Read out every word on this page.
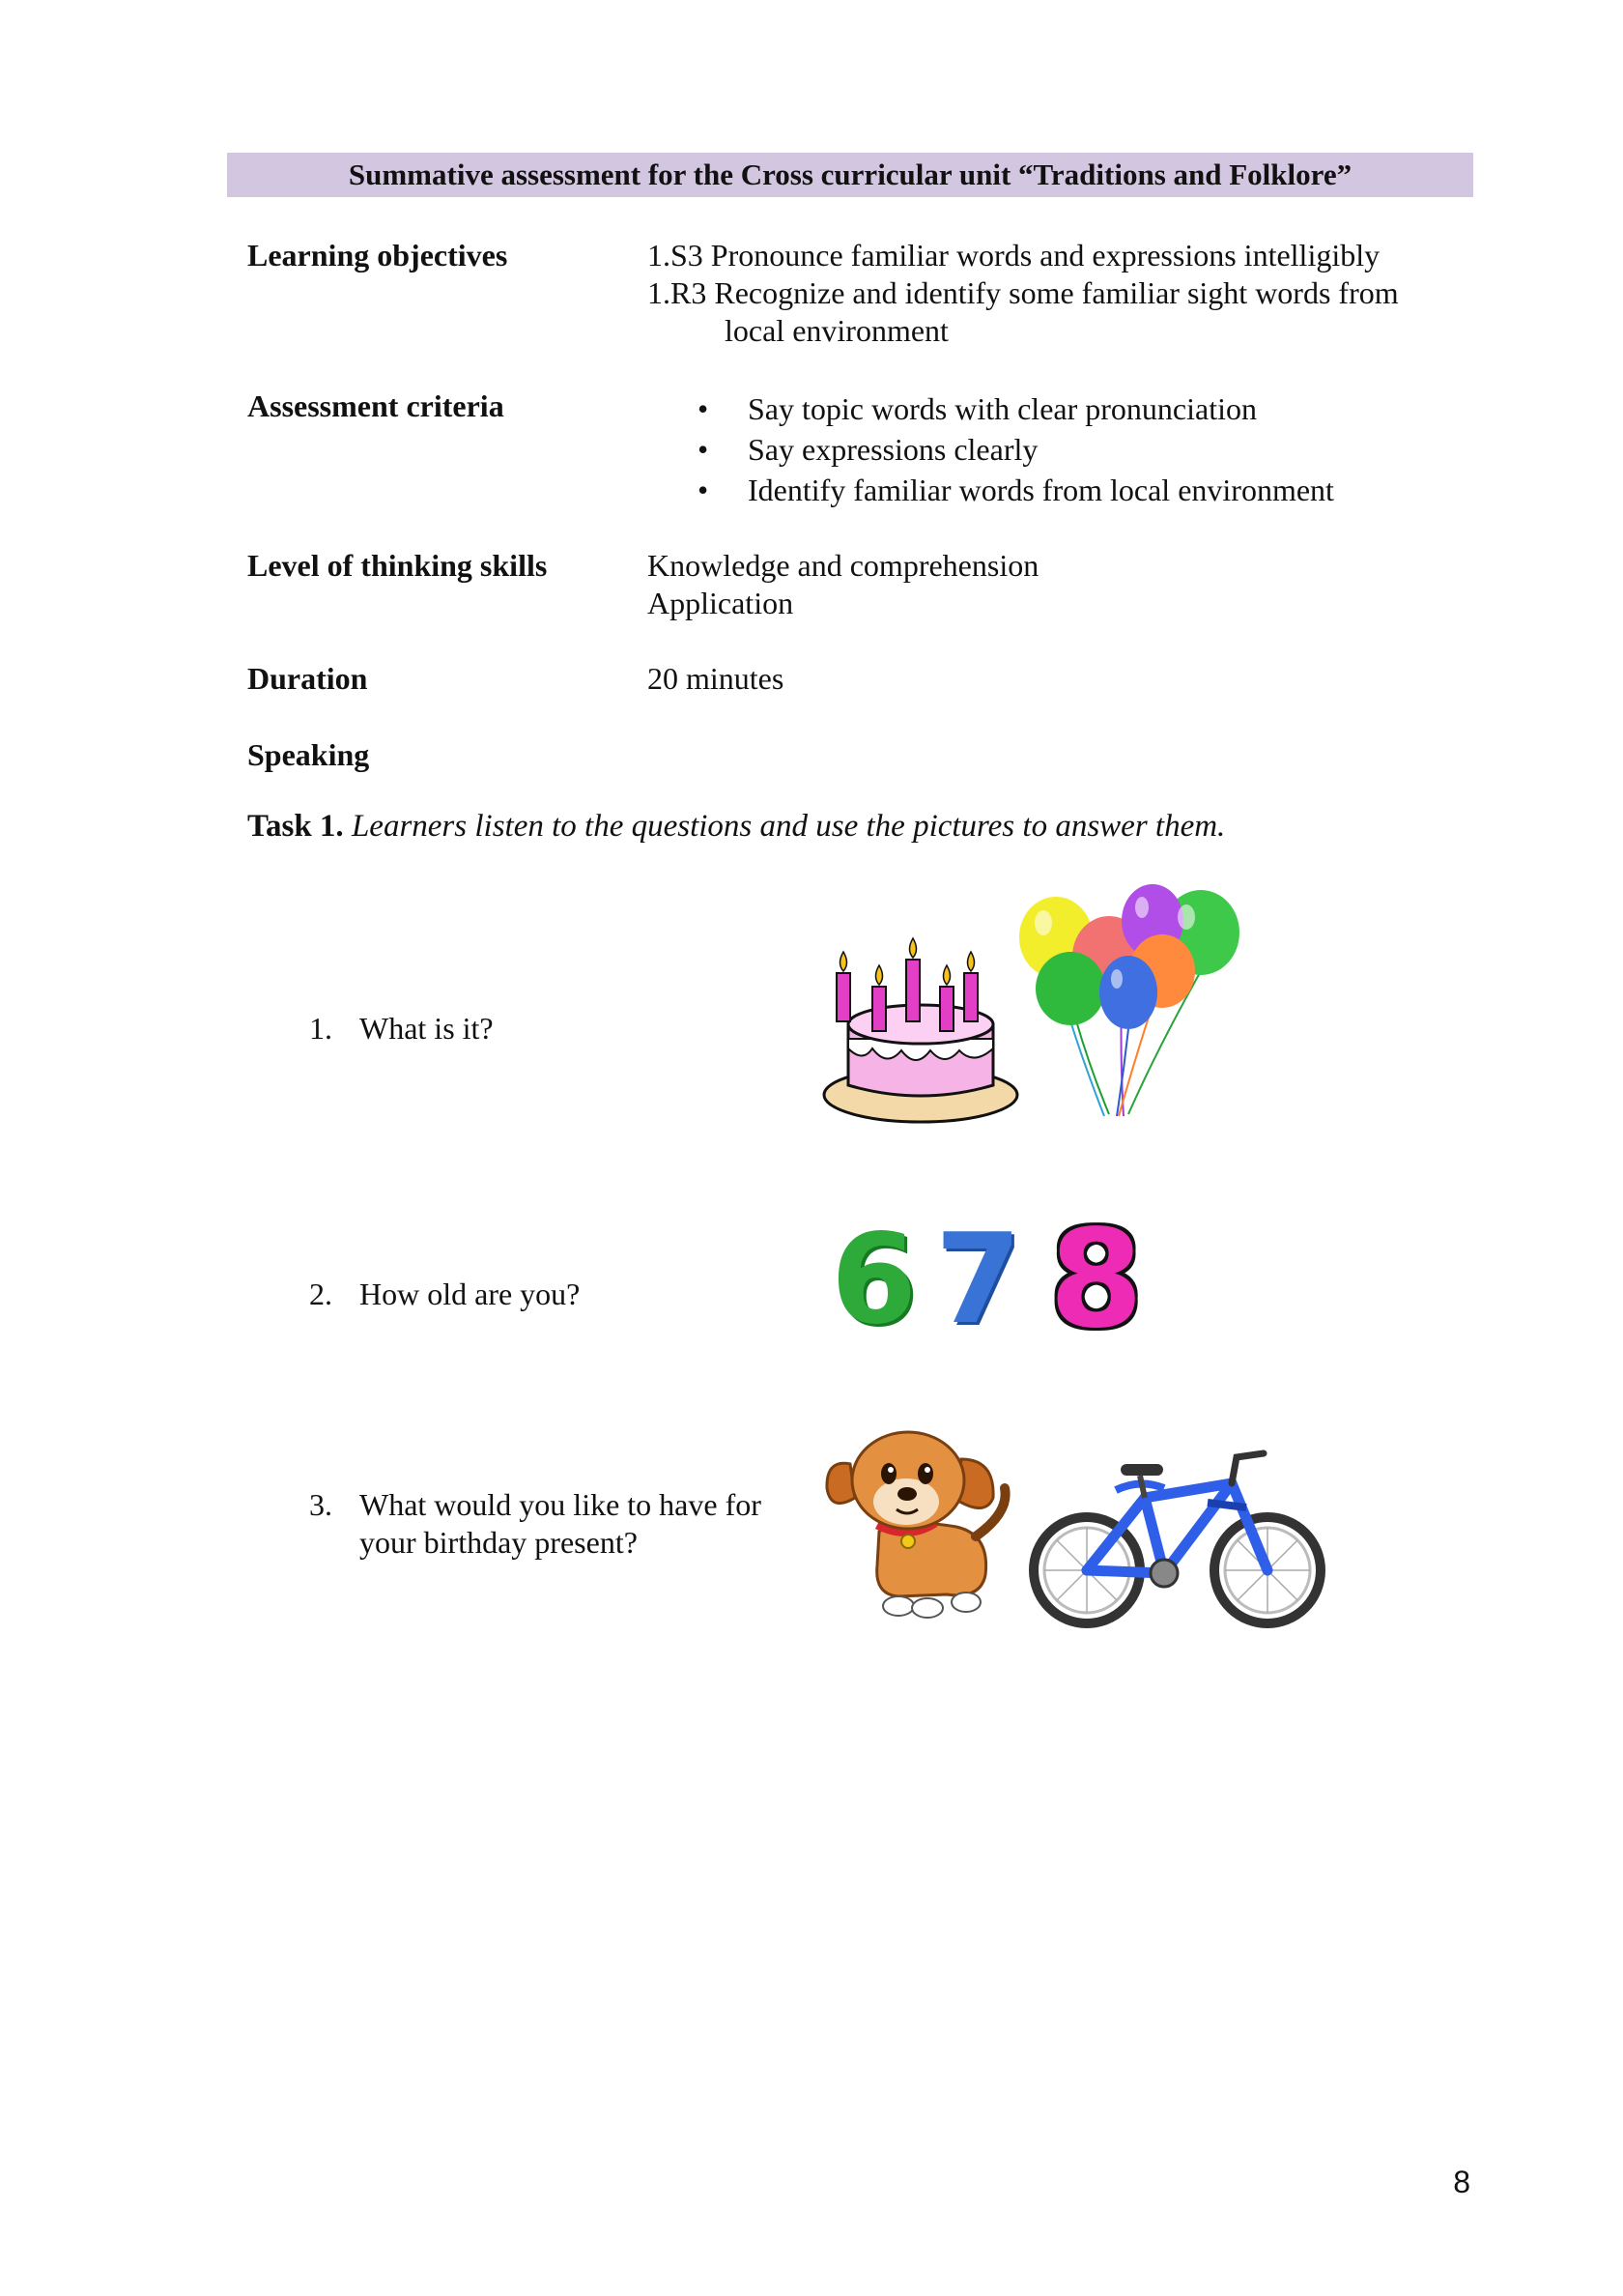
Summative assessment for the Cross curricular unit “Traditions and Folklore”
Learning objectives	1.S3 Pronounce familiar words and expressions intelligibly
1.R3 Recognize and identify some familiar sight words from
local environment
Assessment criteria
•	Say topic words with clear pronunciation
• Say expressions clearly
• Identify familiar words from local environment
Level of thinking skills	Knowledge and comprehension
Application
Duration	20 minutes
Speaking
Task 1. Learners listen to the questions and use the pictures to answer them.
1. What is it?
2. How old are you?	6 7 8
3. What would you like to have for
your birthday present?
8
